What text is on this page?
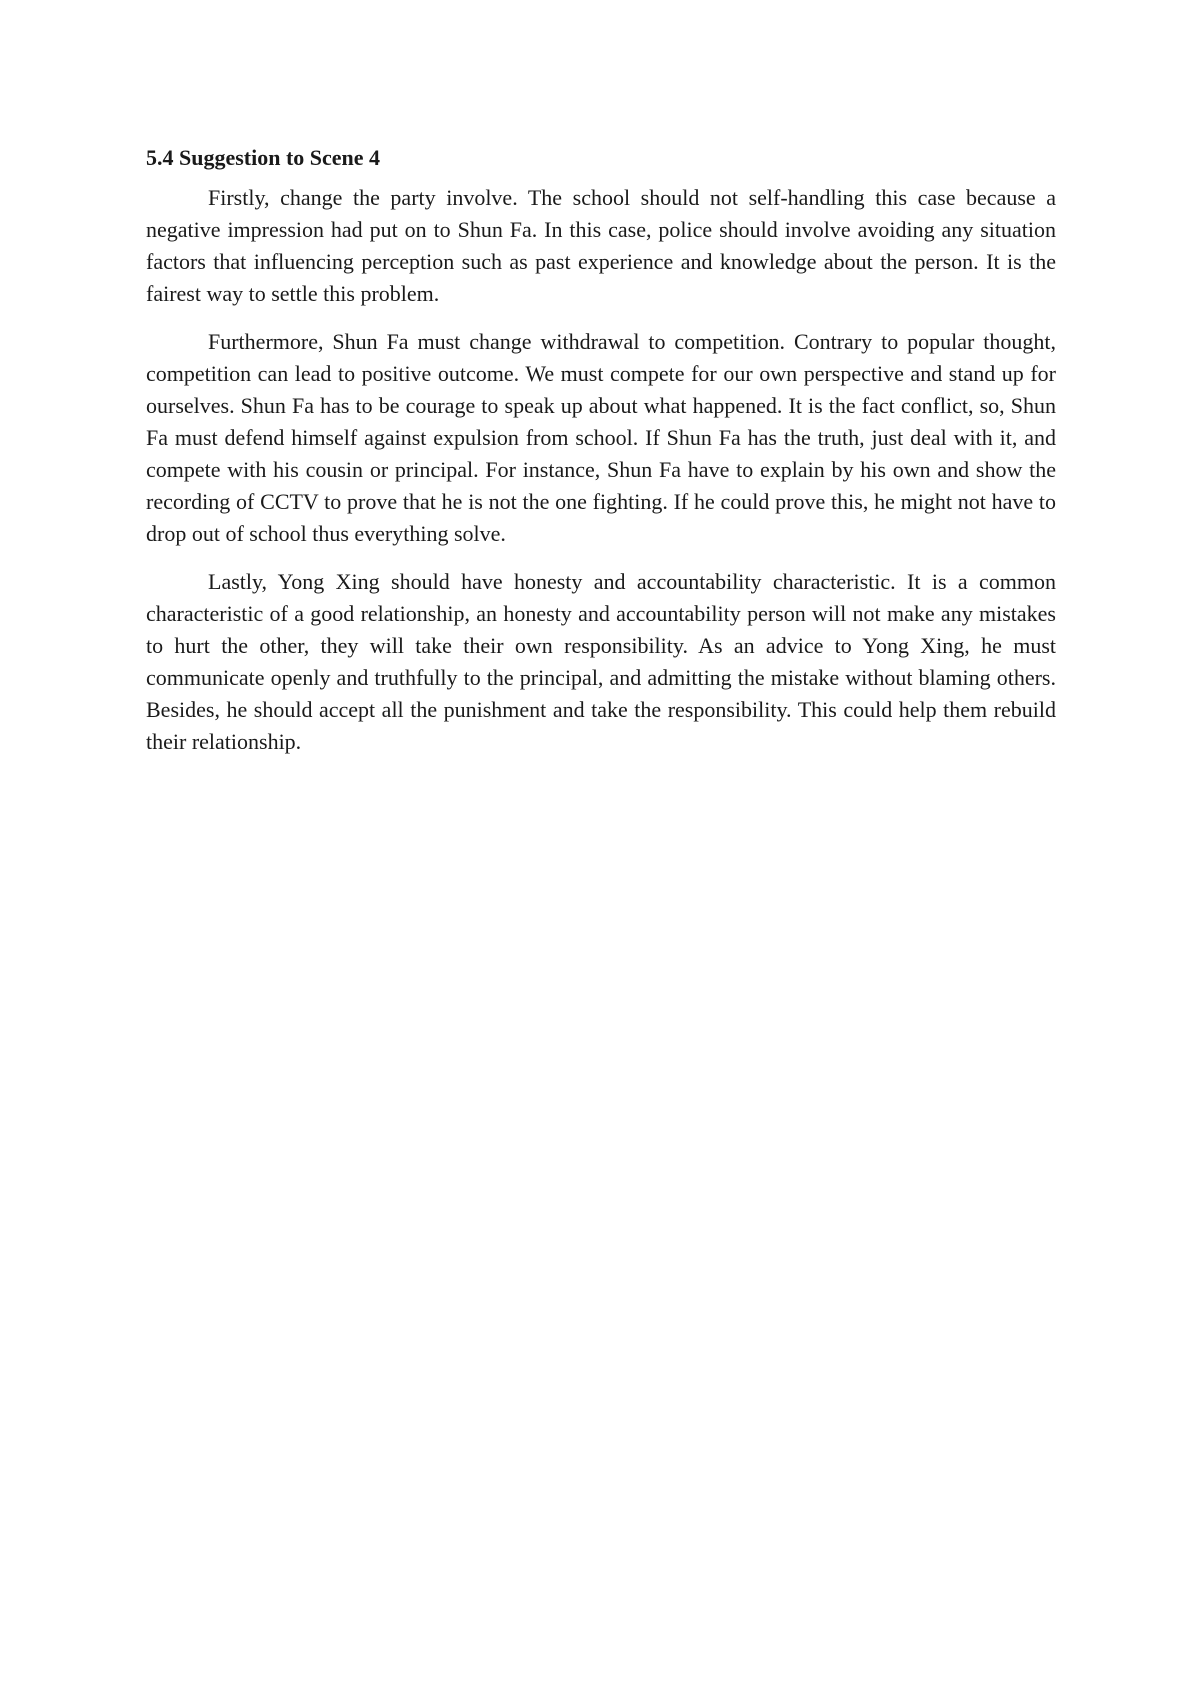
5.4 Suggestion to Scene 4

Firstly, change the party involve. The school should not self-handling this case because a negative impression had put on to Shun Fa. In this case, police should involve avoiding any situation factors that influencing perception such as past experience and knowledge about the person. It is the fairest way to settle this problem.

Furthermore, Shun Fa must change withdrawal to competition. Contrary to popular thought, competition can lead to positive outcome. We must compete for our own perspective and stand up for ourselves. Shun Fa has to be courage to speak up about what happened. It is the fact conflict, so, Shun Fa must defend himself against expulsion from school. If Shun Fa has the truth, just deal with it, and compete with his cousin or principal. For instance, Shun Fa have to explain by his own and show the recording of CCTV to prove that he is not the one fighting. If he could prove this, he might not have to drop out of school thus everything solve.

Lastly, Yong Xing should have honesty and accountability characteristic. It is a common characteristic of a good relationship, an honesty and accountability person will not make any mistakes to hurt the other, they will take their own responsibility. As an advice to Yong Xing, he must communicate openly and truthfully to the principal, and admitting the mistake without blaming others. Besides, he should accept all the punishment and take the responsibility. This could help them rebuild their relationship.
